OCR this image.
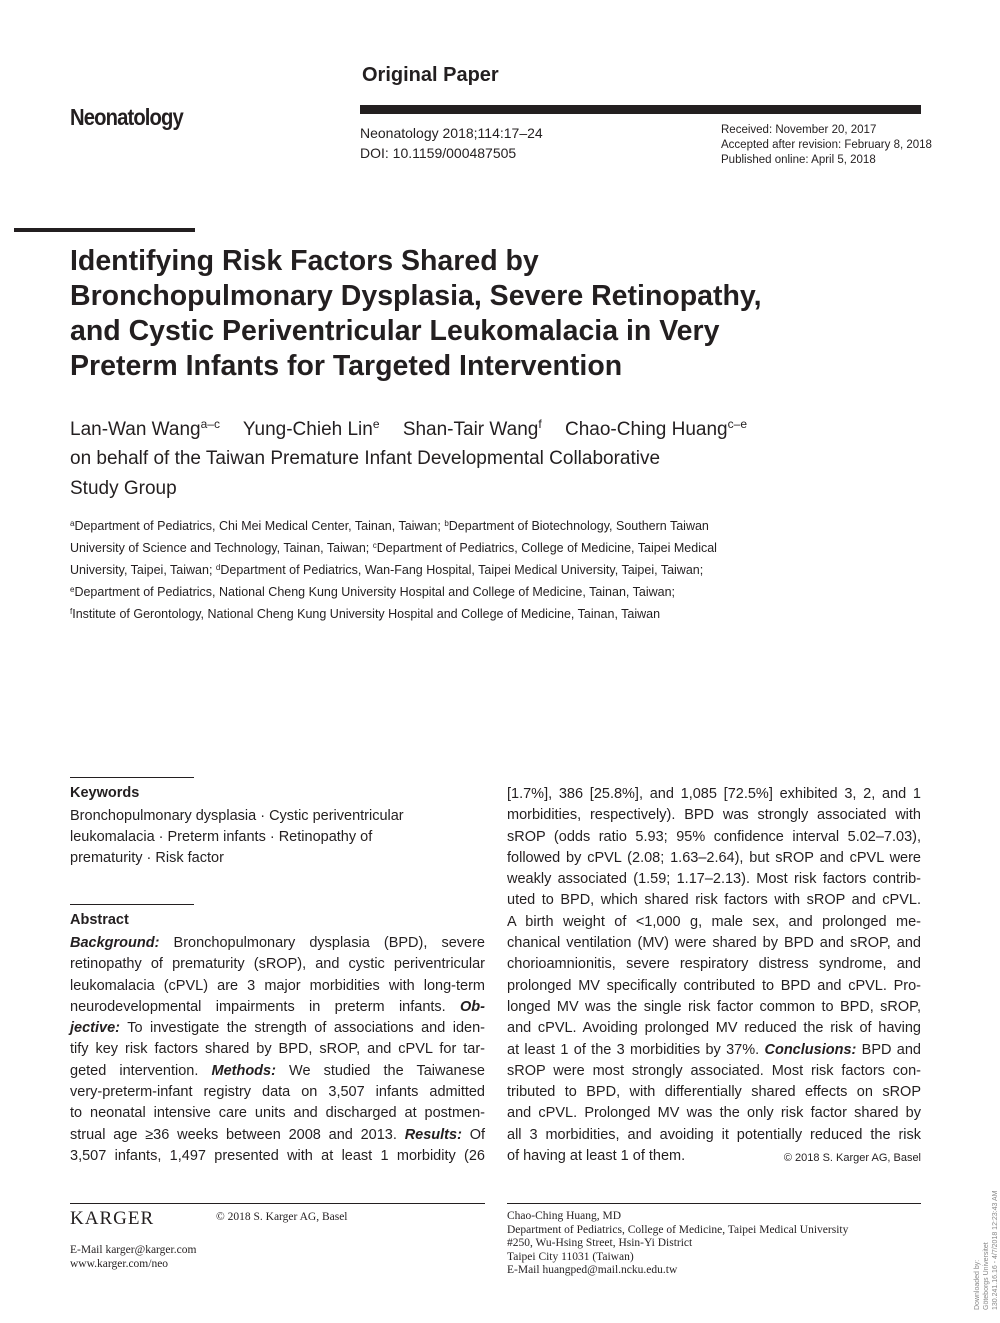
Original Paper
Neonatology
Neonatology 2018;114:17–24
DOI: 10.1159/000487505
Received: November 20, 2017
Accepted after revision: February 8, 2018
Published online: April 5, 2018
Identifying Risk Factors Shared by
Bronchopulmonary Dysplasia, Severe Retinopathy,
and Cystic Periventricular Leukomalacia in Very
Preterm Infants for Targeted Intervention
Lan-Wan Wang$^{a-c}$ Yung-Chieh Lin$^e$ Shan-Tair Wang$^f$ Chao-Ching Huang$^{c-e}$
on behalf of the Taiwan Premature Infant Developmental Collaborative
Study Group
$^a$Department of Pediatrics, Chi Mei Medical Center, Tainan, Taiwan; $^b$Department of Biotechnology, Southern Taiwan
University of Science and Technology, Tainan, Taiwan; $^c$Department of Pediatrics, College of Medicine, Taipei Medical
University, Taipei, Taiwan; $^d$Department of Pediatrics, Wan-Fang Hospital, Taipei Medical University, Taipei, Taiwan;
$^e$Department of Pediatrics, National Cheng Kung University Hospital and College of Medicine, Tainan, Taiwan;
$^f$Institute of Gerontology, National Cheng Kung University Hospital and College of Medicine, Tainan, Taiwan
Keywords
Bronchopulmonary dysplasia · Cystic periventricular
leukomalacia · Preterm infants · Retinopathy of
prematurity · Risk factor
Abstract
Background: Bronchopulmonary dysplasia (BPD), severe
retinopathy of prematurity (sROP), and cystic periventricular
leukomalacia (cPVL) are 3 major morbidities with long-term
neurodevelopmental impairments in preterm infants. Ob-
jective: To investigate the strength of associations and iden-
tify key risk factors shared by BPD, sROP, and cPVL for tar-
geted intervention. Methods: We studied the Taiwanese
very-preterm-infant registry data on 3,507 infants admitted
to neonatal intensive care units and discharged at postmen-
strual age ≥36 weeks between 2008 and 2013. Results: Of
3,507 infants, 1,497 presented with at least 1 morbidity (26
[1.7%], 386 [25.8%], and 1,085 [72.5%] exhibited 3, 2, and 1
morbidities, respectively). BPD was strongly associated with
sROP (odds ratio 5.93; 95% confidence interval 5.02–7.03),
followed by cPVL (2.08; 1.63–2.64), but sROP and cPVL were
weakly associated (1.59; 1.17–2.13). Most risk factors contrib-
uted to BPD, which shared risk factors with sROP and cPVL.
A birth weight of <1,000 g, male sex, and prolonged me-
chanical ventilation (MV) were shared by BPD and sROP, and
chorioamnionitis, severe respiratory distress syndrome, and
prolonged MV specifically contributed to BPD and cPVL. Pro-
longed MV was the single risk factor common to BPD, sROP,
and cPVL. Avoiding prolonged MV reduced the risk of having
at least 1 of the 3 morbidities by 37%. Conclusions: BPD and
sROP were most strongly associated. Most risk factors con-
tributed to BPD, with differentially shared effects on sROP
and cPVL. Prolonged MV was the only risk factor shared by
all 3 morbidities, and avoiding it potentially reduced the risk
of having at least 1 of them.	© 2018 S. Karger AG, Basel
KARGER	© 2018 S. Karger AG, Basel
E-Mail karger@karger.com
www.karger.com/neo
Chao-Ching Huang, MD
Department of Pediatrics, College of Medicine, Taipei Medical University
#250, Wu-Hsing Street, Hsin-Yi District
Taipei City 11031 (Taiwan)
E-Mail huangped@mail.ncku.edu.tw	Downloaded by: Göteborgs Universitet 130.241.16.16 - 4/7/2018 12:23:43 AM
